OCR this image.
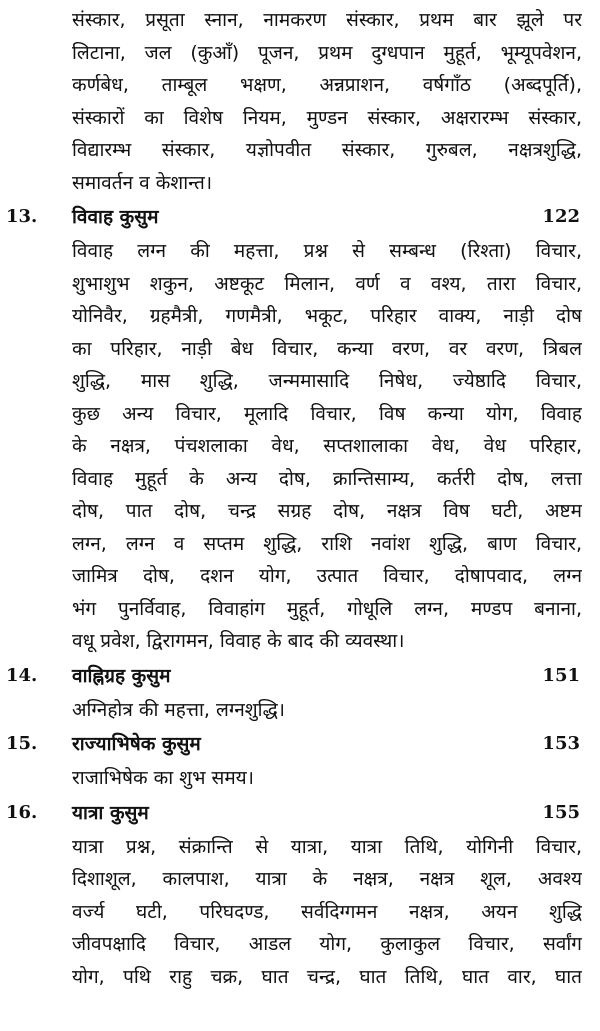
संस्कार, प्रसूता स्नान, नामकरण संस्कार, प्रथम बार झूले पर
लिटाना, जल (कुआँ) पूजन, प्रथम दुग्धपान मुहूर्त, भूम्यूपवेशन,
कर्णबेध, ताम्बूल भक्षण, अन्नप्राशन, वर्षगाँठ (अब्दपूर्ति),
संस्कारों का विशेष नियम, मुण्डन संस्कार, अक्षरारम्भ संस्कार,
विद्यारम्भ संस्कार, यज्ञोपवीत संस्कार, गुरुबल, नक्षत्रशुद्धि,
समावर्तन व केशान्त।
13. विवाह कुसुम	122
विवाह लग्न की महत्ता, प्रश्न से सम्बन्ध (रिश्ता) विचार,
शुभाशुभ शकुन, अष्टकूट मिलान, वर्ण व वश्य, तारा विचार,
योनिवैर, ग्रहमैत्री, गणमैत्री, भकूट, परिहार वाक्य, नाड़ी दोष
का परिहार, नाड़ी बेध विचार, कन्या वरण, वर वरण, त्रिबल
शुद्धि, मास शुद्धि, जन्ममासादि निषेध, ज्येष्ठादि विचार,
कुछ अन्य विचार, मूलादि विचार, विष कन्या योग, विवाह
के नक्षत्र, पंचशलाका वेध, सप्तशालाका वेध, वेध परिहार,
विवाह मुहूर्त के अन्य दोष, क्रान्तिसाम्य, कर्तरी दोष, लत्ता
दोष, पात दोष, चन्द्र सग्रह दोष, नक्षत्र विष घटी, अष्टम
लग्न, लग्न व सप्तम शुद्धि, राशि नवांश शुद्धि, बाण विचार,
जामित्र दोष, दशन योग, उत्पात विचार, दोषापवाद, लग्न
भंग पुनर्विवाह, विवाहांग मुहूर्त, गोधूलि लग्न, मण्डप बनाना,
वधू प्रवेश, द्विरागमन, विवाह के बाद की व्यवस्था।
14. वाह्निग्रह कुसुम	151
अग्निहोत्र की महत्ता, लग्नशुद्धि।
15. राज्याभिषेक कुसुम	153
राजाभिषेक का शुभ समय।
16. यात्रा कुसुम	155
यात्रा प्रश्न, संक्रान्ति से यात्रा, यात्रा तिथि, योगिनी विचार,
दिशाशूल, कालपाश, यात्रा के नक्षत्र, नक्षत्र शूल, अवश्य
वर्ज्य घटी, परिघदण्ड, सर्वदिग्गमन नक्षत्र, अयन शुद्धि
जीवपक्षादि विचार, आडल योग, कुलाकुल विचार, सर्वांग
योग, पथि राहु चक्र, घात चन्द्र, घात तिथि, घात वार, घात
